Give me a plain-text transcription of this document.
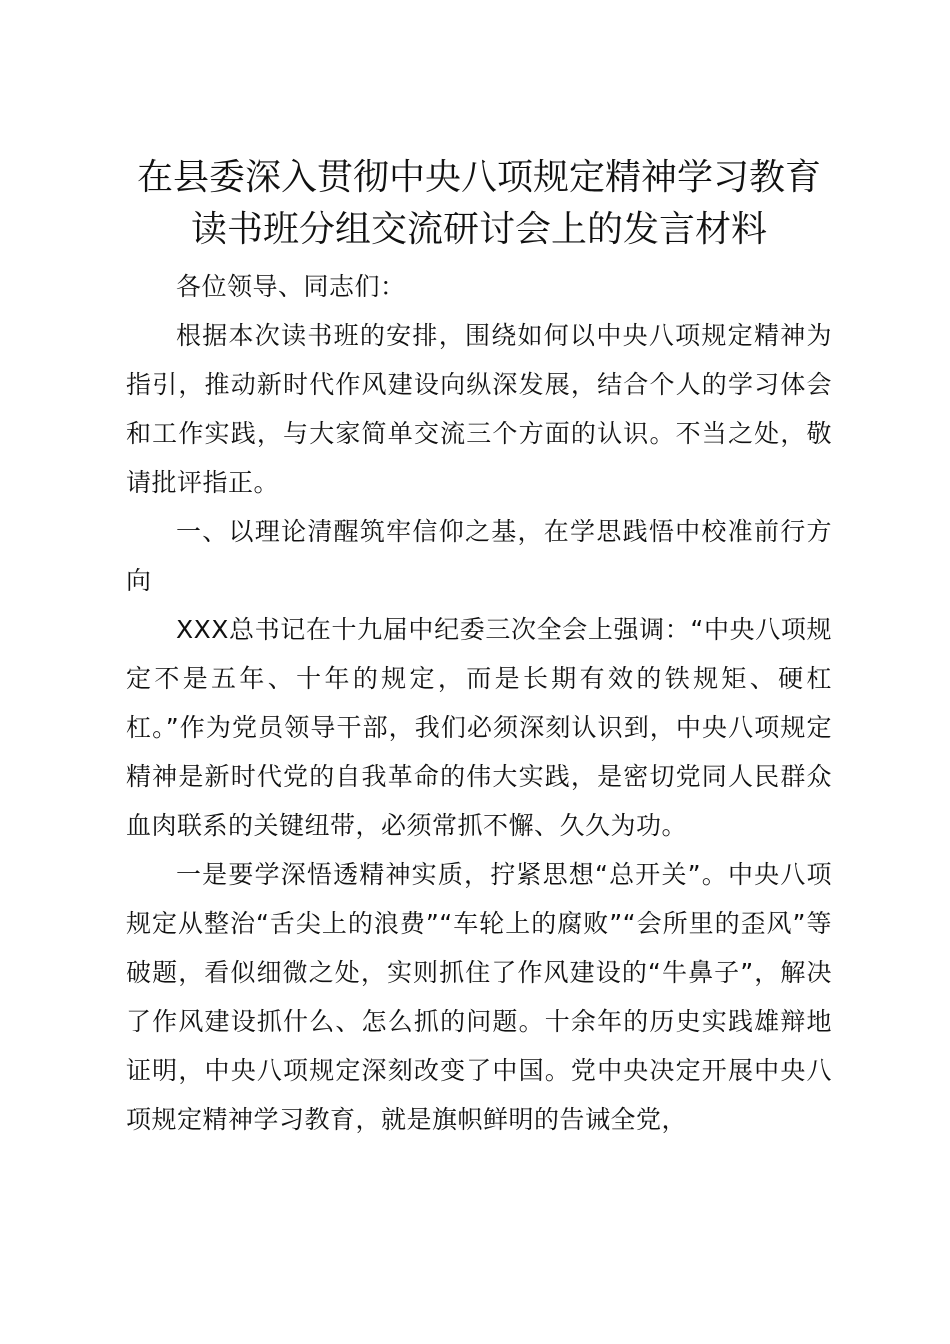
在县委深入贯彻中央八项规定精神学习教育读书班分组交流研讨会上的发言材料

各位领导、同志们：

根据本次读书班的安排，围绕如何以中央八项规定精神为指引，推动新时代作风建设向纵深发展，结合个人的学习体会和工作实践，与大家简单交流三个方面的认识。不当之处，敬请批评指正。

一、以理论清醒筑牢信仰之基，在学思践悟中校准前行方向

XXX总书记在十九届中纪委三次全会上强调：“中央八项规定不是五年、十年的规定，而是长期有效的铁规矩、硬杠杠。”作为党员领导干部，我们必须深刻认识到，中央八项规定精神是新时代党的自我革命的伟大实践，是密切党同人民群众血肉联系的关键纽带，必须常抓不懈、久久为功。

一是要学深悟透精神实质，拧紧思想“总开关”。中央八项规定从整治“舌尖上的浪费”“车轮上的腐败”“会所里的歪风”等破题，看似细微之处，实则抓住了作风建设的“牛鼻子”，解决了作风建设抓什么、怎么抓的问题。十余年的历史实践雄辩地证明，中央八项规定深刻改变了中国。党中央决定开展中央八项规定精神学习教育，就是旗帜鲜明的告诫全党，
